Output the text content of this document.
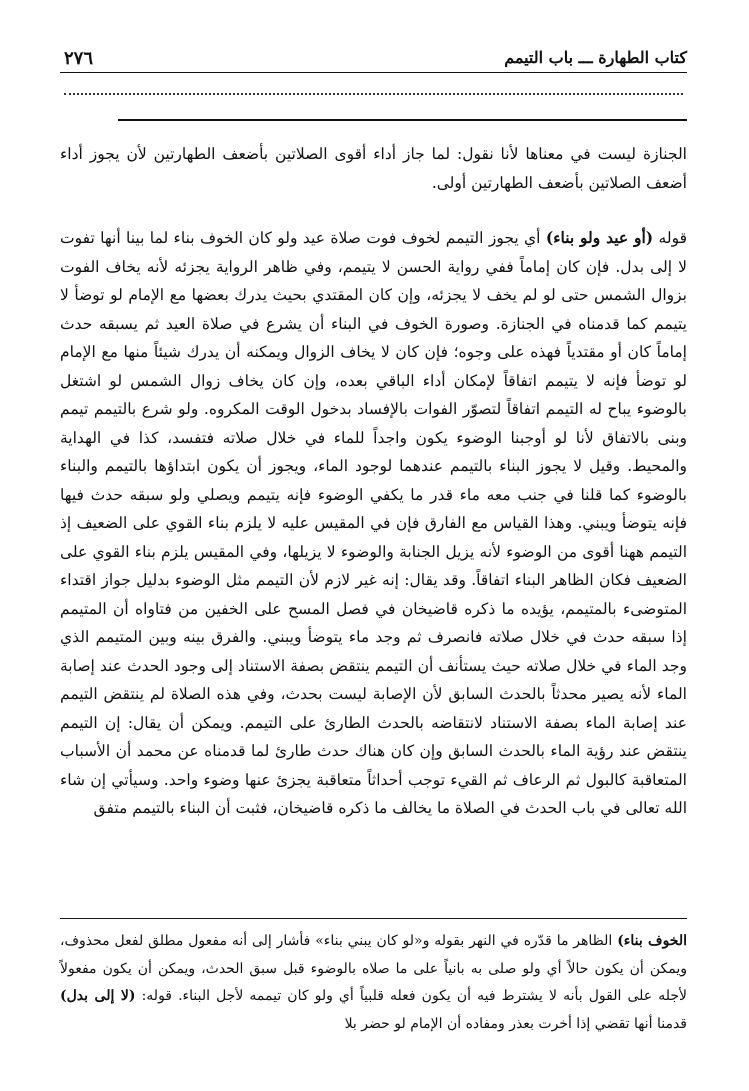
٢٧٦	كتاب الطهارة ـــ باب التيمم

الجنازة ليست في معناها لأنا نقول: لما جاز أداء أقوى الصلاتين بأضعف الطهارتين لأن يجوز أداء أضعف الصلاتين بأضعف الطهارتين أولى.

قوله (أو عيد ولو بناء) أي يجوز التيمم لخوف فوت صلاة عيد ولو كان الخوف بناء لما بينا أنها تفوت لا إلى بدل. فإن كان إماماً ففي رواية الحسن لا يتيمم، وفي ظاهر الرواية يجزئه لأنه يخاف الفوت بزوال الشمس حتى لو لم يخف لا يجزئه، وإن كان المقتدي بحيث يدرك بعضها مع الإمام لو توضأ لا يتيمم كما قدمناه في الجنازة. وصورة الخوف في البناء أن يشرع في صلاة العيد ثم يسبقه حدث إماماً كان أو مقتدياً فهذه على وجوه؛ فإن كان لا يخاف الزوال ويمكنه أن يدرك شيئاً منها مع الإمام لو توضأ فإنه لا يتيمم اتفاقاً لإمكان أداء الباقي بعده، وإن كان يخاف زوال الشمس لو اشتغل بالوضوء يباح له التيمم اتفاقاً لتصوّر الفوات بالإفساد بدخول الوقت المكروه. ولو شرع بالتيمم تيمم وبنى بالاتفاق لأنا لو أوجبنا الوضوء يكون واجداً للماء في خلال صلاته فتفسد، كذا في الهداية والمحيط. وقيل لا يجوز البناء بالتيمم عندهما لوجود الماء، ويجوز أن يكون ابتداؤها بالتيمم والبناء بالوضوء كما قلنا في جنب معه ماء قدر ما يكفي الوضوء فإنه يتيمم ويصلي ولو سبقه حدث فيها فإنه يتوضأ ويبني. وهذا القياس مع الفارق فإن في المقيس عليه لا يلزم بناء القوي على الضعيف إذ التيمم ههنا أقوى من الوضوء لأنه يزيل الجنابة والوضوء لا يزيلها، وفي المقيس يلزم بناء القوي على الضعيف فكان الظاهر البناء اتفاقاً. وقد يقال: إنه غير لازم لأن التيمم مثل الوضوء بدليل جواز اقتداء المتوضىء بالمتيمم، يؤيده ما ذكره قاضيخان في فصل المسح على الخفين من فتاواه أن المتيمم إذا سبقه حدث في خلال صلاته فانصرف ثم وجد ماء يتوضأ ويبني. والفرق بينه وبين المتيمم الذي وجد الماء في خلال صلاته حيث يستأنف أن التيمم ينتقض بصفة الاستناد إلى وجود الحدث عند إصابة الماء لأنه يصير محدثاً بالحدث السابق لأن الإصابة ليست بحدث، وفي هذه الصلاة لم ينتقض التيمم عند إصابة الماء بصفة الاستناد لانتقاضه بالحدث الطارئ على التيمم. ويمكن أن يقال: إن التيمم ينتقض عند رؤية الماء بالحدث السابق وإن كان هناك حدث طارئ لما قدمناه عن محمد أن الأسباب المتعاقبة كالبول ثم الرعاف ثم القيء توجب أحداثاً متعاقبة يجزئ عنها وضوء واحد. وسيأتي إن شاء الله تعالى في باب الحدث في الصلاة ما يخالف ما ذكره قاضيخان، فثبت أن البناء بالتيمم متفق

الخوف بناء) الظاهر ما قدّره في النهر بقوله و«لو كان يبني بناء» فأشار إلى أنه مفعول مطلق لفعل محذوف، ويمكن أن يكون حالاً أي ولو صلى به بانياً على ما صلاه بالوضوء قبل سبق الحدث، ويمكن أن يكون مفعولاً لأجله على القول بأنه لا يشترط فيه أن يكون فعله قلبياً أي ولو كان تيممه لأجل البناء. قوله: (لا إلى بدل) قدمنا أنها تقضي إذا أخرت بعذر ومفاده أن الإمام لو حضر بلا
